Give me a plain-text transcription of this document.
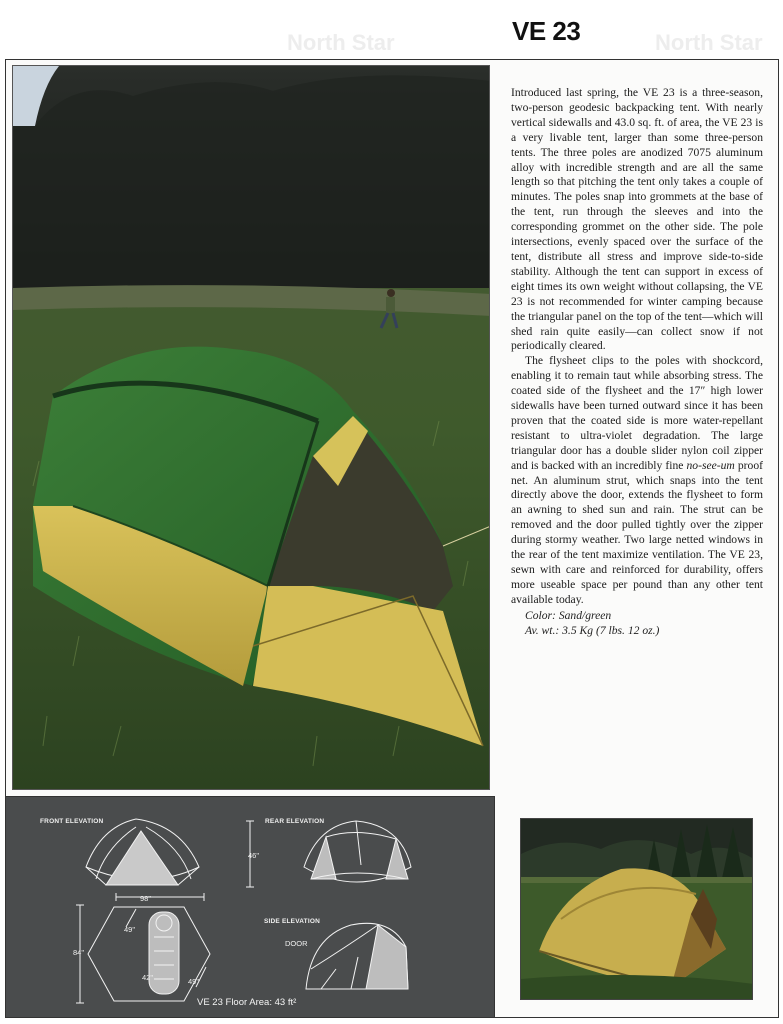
North Star	North Star
VE 23

Introduced last spring, the VE 23 is a three-season, two-person geodesic backpacking tent. With nearly vertical sidewalls and 43.0 sq. ft. of area, the VE 23 is a very livable tent, larger than some three-person tents. The three poles are anodized 7075 aluminum alloy with incredible strength and are all the same length so that pitching the tent only takes a couple of minutes. The poles snap into grommets at the base of the tent, run through the sleeves and into the corresponding grommet on the other side. The pole intersections, evenly spaced over the surface of the tent, distribute all stress and improve side-to-side stability. Although the tent can support in excess of eight times its own weight without collapsing, the VE 23 is not recommended for winter camping because the triangular panel on the top of the tent—which will shed rain quite easily—can collect snow if not periodically cleared.

The flysheet clips to the poles with shockcord, enabling it to remain taut while absorbing stress. The coated side of the flysheet and the 17″ high lower sidewalls have been turned outward since it has been proven that the coated side is more water-repellant resistant to ultra-violet degradation. The large triangular door has a double slider nylon coil zipper and is backed with an incredibly fine no-see-um proof net. An aluminum strut, which snaps into the tent directly above the door, extends the flysheet to form an awning to shed sun and rain. The strut can be removed and the door pulled tightly over the zipper during stormy weather. Two large netted windows in the rear of the tent maximize ventilation. The VE 23, sewn with care and reinforced for durability, offers more useable space per pound than any other tent available today.

Color: Sand/green

Av. wt.: 3.5 Kg (7 lbs. 12 oz.)

FRONT ELEVATION	REAR ELEVATION
SIDE ELEVATION
DOOR
46"
98"
84"
49"
42"	49"
VE 23 Floor Area: 43 ft²
